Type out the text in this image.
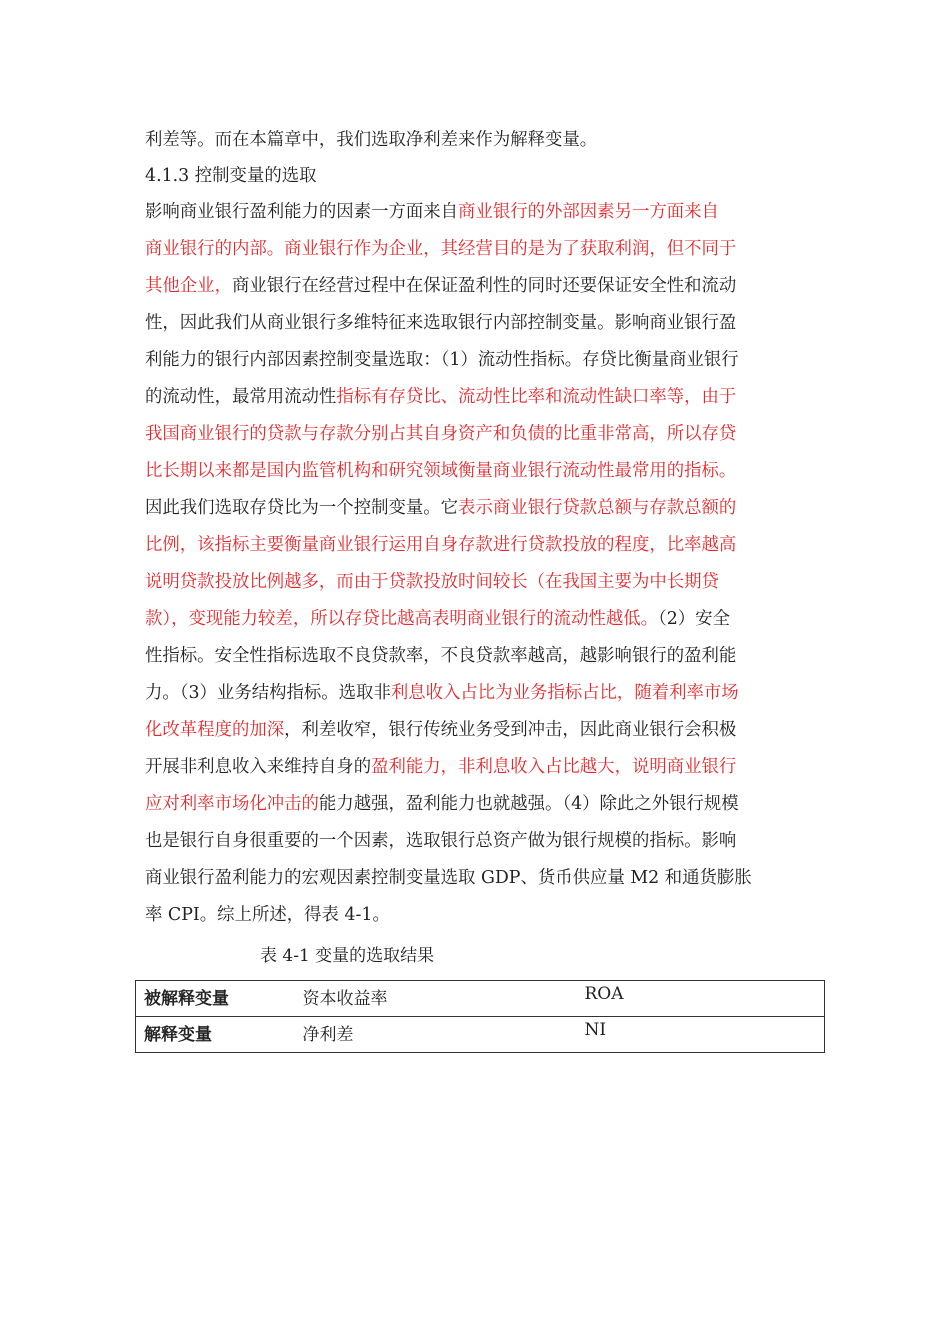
利差等。而在本篇章中，我们选取净利差来作为解释变量。
4.1.3 控制变量的选取
影响商业银行盈利能力的因素一方面来自商业银行的外部因素另一方面来自
商业银行的内部。商业银行作为企业，其经营目的是为了获取利润，但不同于
其他企业，商业银行在经营过程中在保证盈利性的同时还要保证安全性和流动
性，因此我们从商业银行多维特征来选取银行内部控制变量。影响商业银行盈
利能力的银行内部因素控制变量选取：（1）流动性指标。存贷比衡量商业银行
的流动性，最常用流动性指标有存贷比、流动性比率和流动性缺口率等，由于
我国商业银行的贷款与存款分别占其自身资产和负债的比重非常高，所以存贷
比长期以来都是国内监管机构和研究领域衡量商业银行流动性最常用的指标。
因此我们选取存贷比为一个控制变量。它表示商业银行贷款总额与存款总额的
比例，该指标主要衡量商业银行运用自身存款进行贷款投放的程度，比率越高
说明贷款投放比例越多，而由于贷款投放时间较长（在我国主要为中长期贷
款），变现能力较差，所以存贷比越高表明商业银行的流动性越低。（2）安全
性指标。安全性指标选取不良贷款率，不良贷款率越高，越影响银行的盈利能
力。（3）业务结构指标。选取非利息收入占比为业务指标占比，随着利率市场
化改革程度的加深，利差收窄，银行传统业务受到冲击，因此商业银行会积极
开展非利息收入来维持自身的盈利能力，非利息收入占比越大，说明商业银行
应对利率市场化冲击的能力越强，盈利能力也就越强。（4）除此之外银行规模
也是银行自身很重要的一个因素，选取银行总资产做为银行规模的指标。影响
商业银行盈利能力的宏观因素控制变量选取 GDP、货币供应量 M2 和通货膨胀
率 CPI。综上所述，得表 4-1。
表 4-1 变量的选取结果
被解释变量	资本收益率	ROA
解释变量	净利差	NI
